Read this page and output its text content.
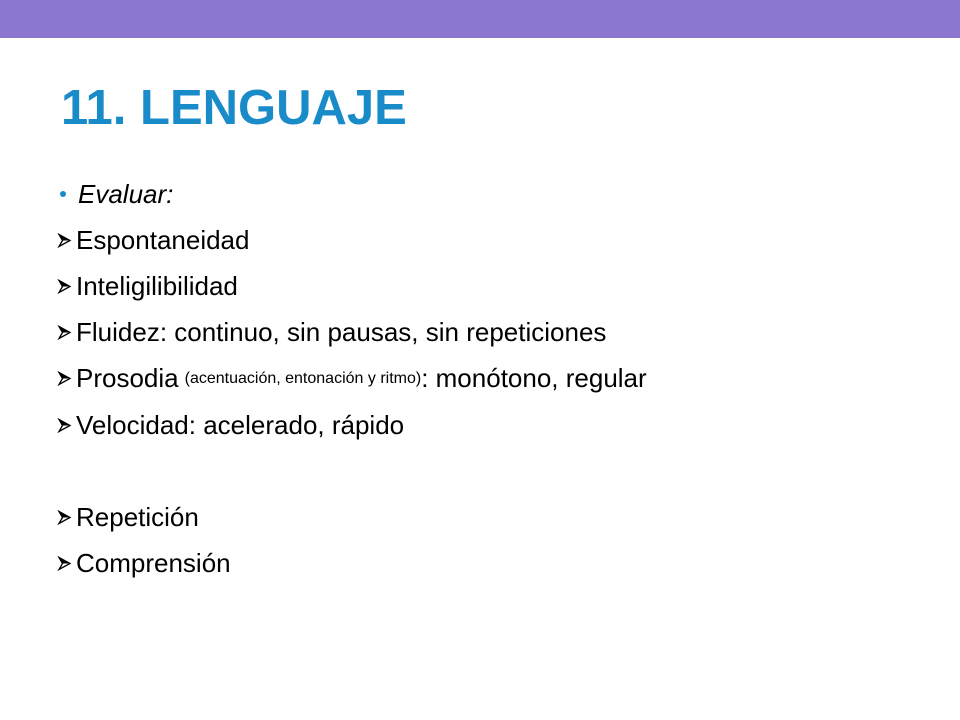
11. LENGUAJE
Evaluar:
Espontaneidad
Inteligilibilidad
Fluidez: continuo, sin pausas, sin repeticiones
Prosodia (acentuación, entonación y ritmo) : monótono, regular
Velocidad: acelerado, rápido
Repetición
Comprensión
